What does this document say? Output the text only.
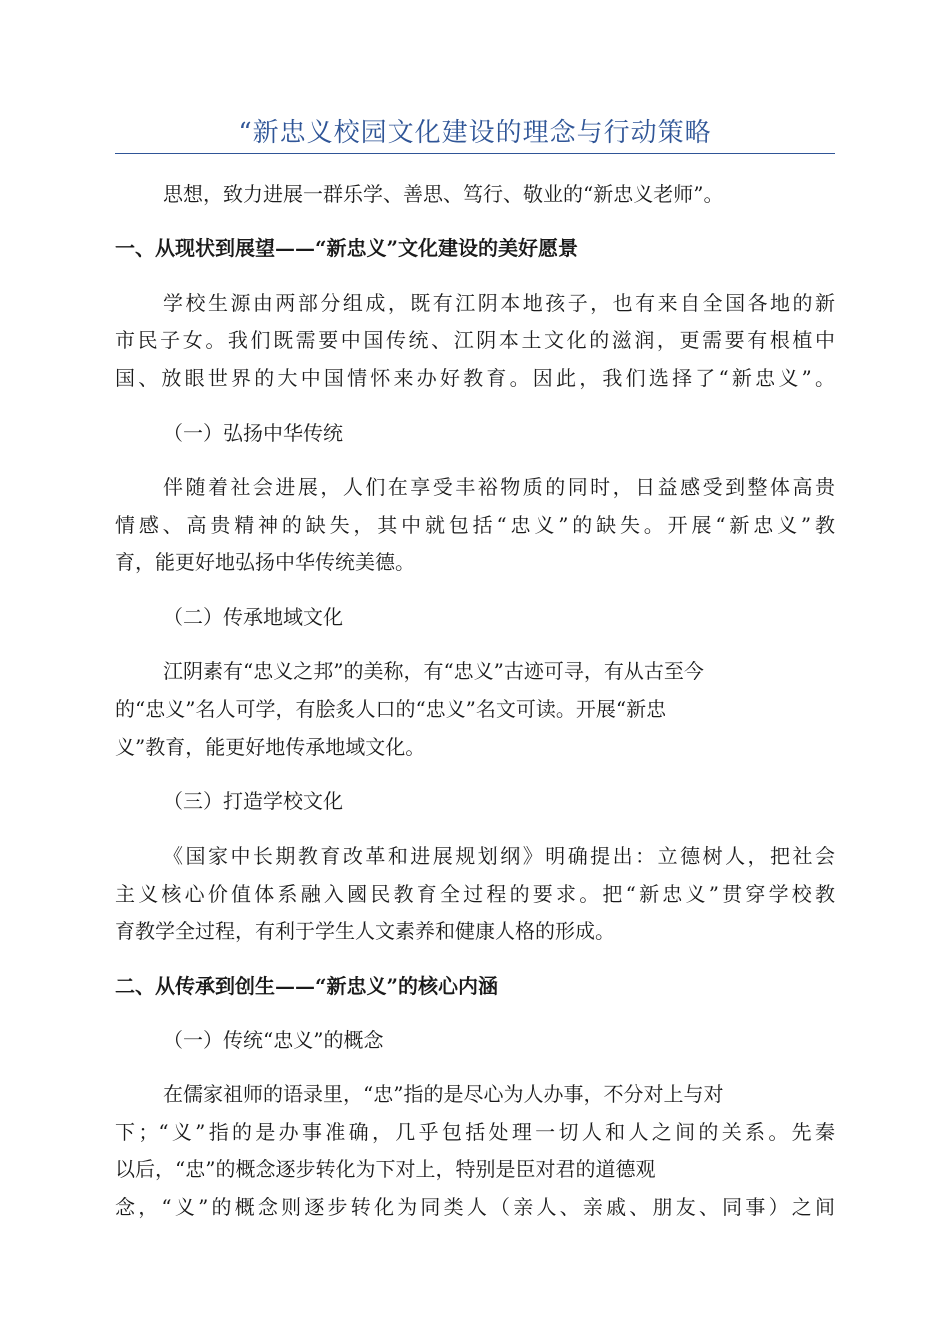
“新忠义校园文化建设的理念与行动策略
思想，致力进展一群乐学、善思、笃行、敬业的“新忠义老师”。
一、从现状到展望——“新忠义”文化建设的美好愿景
学校生源由两部分组成，既有江阴本地孩子，也有来自全国各地的新
市民子女。我们既需要中国传统、江阴本土文化的滋润，更需要有根植中
国、放眼世界的大中国情怀来办好教育。因此，我们选择了“新忠义”。
（一）弘扬中华传统
伴随着社会进展，人们在享受丰裕物质的同时，日益感受到整体高贵
情感、高贵精神的缺失，其中就包括“忠义”的缺失。开展“新忠义”教
育，能更好地弘扬中华传统美德。
（二）传承地域文化
江阴素有“忠义之邦”的美称，有“忠义”古迹可寻，有从古至今
的“忠义”名人可学，有脍炙人口的“忠义”名文可读。开展“新忠
义”教育，能更好地传承地域文化。
（三）打造学校文化
《国家中长期教育改革和进展规划纲》明确提出：立德树人，把社会
主义核心价值体系融入國民教育全过程的要求。把“新忠义”贯穿学校教
育教学全过程，有利于学生人文素养和健康人格的形成。
二、从传承到创生——“新忠义”的核心内涵
（一）传统“忠义”的概念
在儒家祖师的语录里，“忠”指的是尽心为人办事，不分对上与对
下；“义”指的是办事准确，几乎包括处理一切人和人之间的关系。先秦
以后，“忠”的概念逐步转化为下对上，特别是臣对君的道德观
念，“义”的概念则逐步转化为同类人（亲人、亲戚、朋友、同事）之间
